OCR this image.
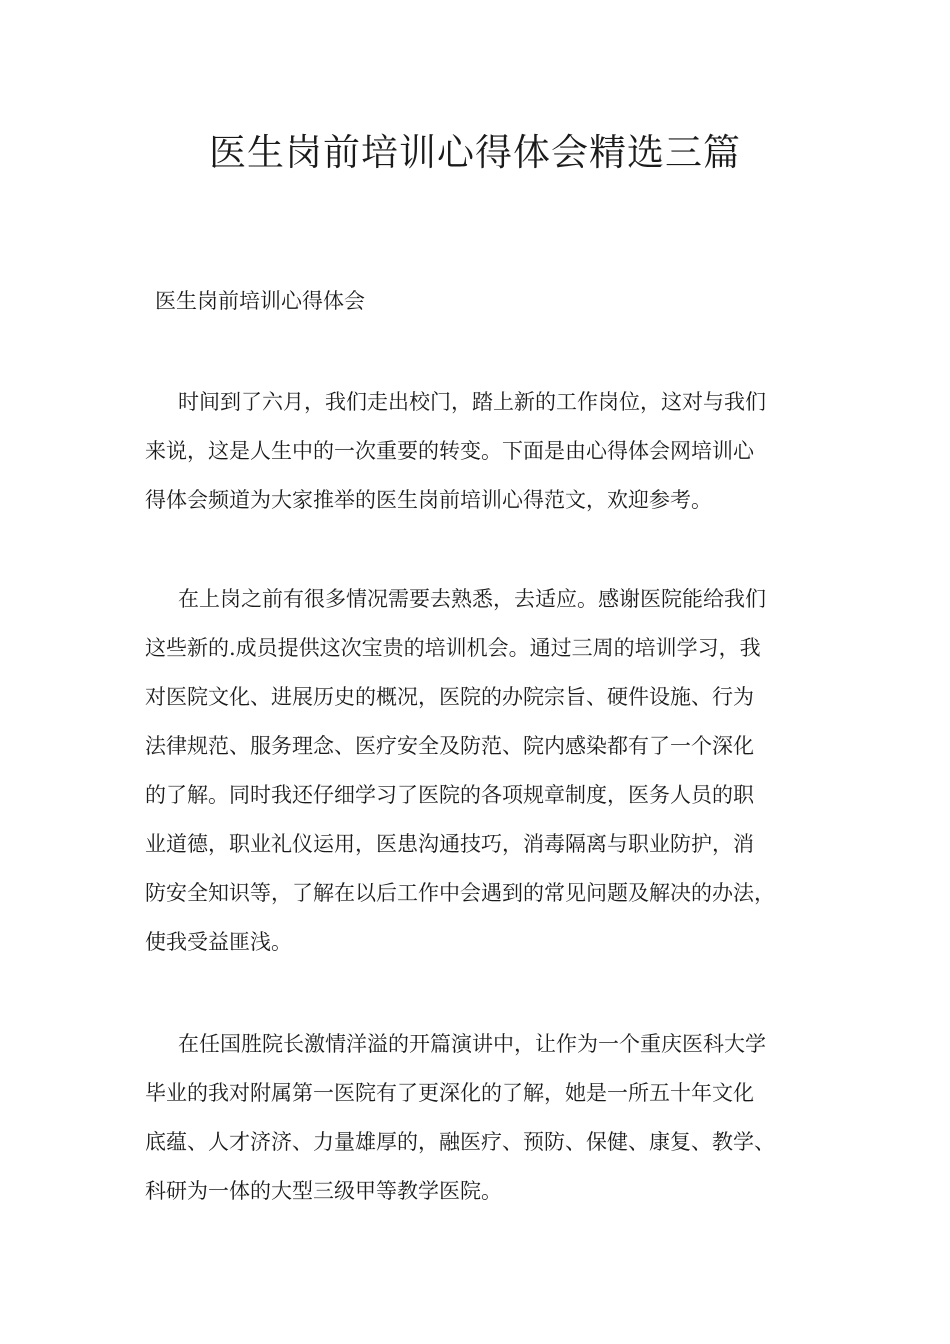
医生岗前培训心得体会精选三篇

医生岗前培训心得体会

时间到了六月，我们走出校门，踏上新的工作岗位，这对与我们
来说，这是人生中的一次重要的转变。下面是由心得体会网培训心
得体会频道为大家推举的医生岗前培训心得范文，欢迎参考。
在上岗之前有很多情况需要去熟悉，去适应。感谢医院能给我们
这些新的.成员提供这次宝贵的培训机会。通过三周的培训学习，我
对医院文化、进展历史的概况，医院的办院宗旨、硬件设施、行为
法律规范、服务理念、医疗安全及防范、院内感染都有了一个深化
的了解。同时我还仔细学习了医院的各项规章制度，医务人员的职
业道德，职业礼仪运用，医患沟通技巧，消毒隔离与职业防护，消
防安全知识等，了解在以后工作中会遇到的常见问题及解决的办法，
使我受益匪浅。
在任国胜院长激情洋溢的开篇演讲中，让作为一个重庆医科大学
毕业的我对附属第一医院有了更深化的了解，她是一所五十年文化
底蕴、人才济济、力量雄厚的，融医疗、预防、保健、康复、教学、
科研为一体的大型三级甲等教学医院。
